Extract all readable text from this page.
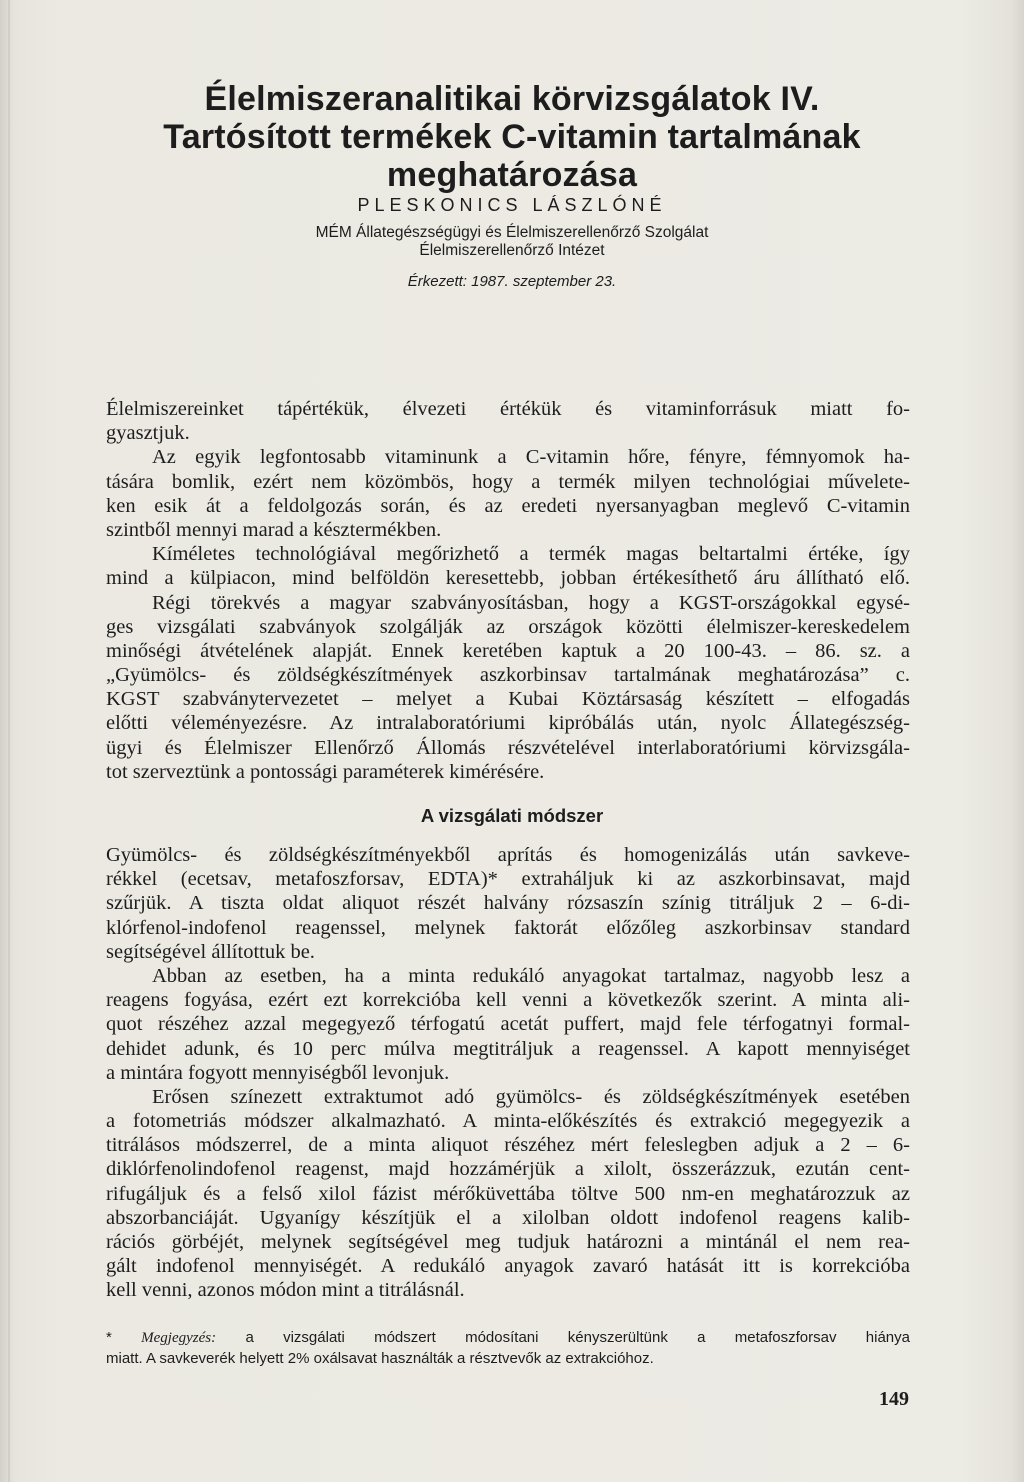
Élelmiszeranalitikai körvizsgálatok IV.
Tartósított termékek C-vitamin tartalmának
meghatározása
PLESKONICS LÁSZLÓNÉ
MÉM Állategészségügyi és Élelmiszerellenőrző Szolgálat
Élelmiszerellenőrző Intézet
Érkezett: 1987. szeptember 23.
Élelmiszereinket tápértékük, élvezeti értékük és vitaminforrásuk miatt fo-
gyasztjuk.
Az egyik legfontosabb vitaminunk a C-vitamin hőre, fényre, fémnyomok ha-
tására bomlik, ezért nem közömbös, hogy a termék milyen technológiai művelete-
ken esik át a feldolgozás során, és az eredeti nyersanyagban meglevő C-vitamin
szintből mennyi marad a késztermékben.
Kíméletes technológiával megőrizhető a termék magas beltartalmi értéke, így
mind a külpiacon, mind belföldön keresettebb, jobban értékesíthető áru állítható elő.
Régi törekvés a magyar szabványosításban, hogy a KGST-országokkal egysé-
ges vizsgálati szabványok szolgálják az országok közötti élelmiszer-kereskedelem
minőségi átvételének alapját. Ennek keretében kaptuk a 20 100-43. – 86. sz. a
„Gyümölcs- és zöldségkészítmények aszkorbinsav tartalmának meghatározása” c.
KGST szabványtervezetet – melyet a Kubai Köztársaság készített – elfogadás
előtti véleményezésre. Az intralaboratóriumi kipróbálás után, nyolc Állategészség-
ügyi és Élelmiszer Ellenőrző Állomás részvételével interlaboratóriumi körvizsgála-
tot szerveztünk a pontossági paraméterek kimérésére.
A vizsgálati módszer
Gyümölcs- és zöldségkészítményekből aprítás és homogenizálás után savkeve-
rékkel (ecetsav, metafoszforsav, EDTA)* extraháljuk ki az aszkorbinsavat, majd
szűrjük. A tiszta oldat aliquot részét halvány rózsaszín színig titráljuk 2 – 6-di-
klórfenol-indofenol reagenssel, melynek faktorát előzőleg aszkorbinsav standard
segítségével állítottuk be.
Abban az esetben, ha a minta redukáló anyagokat tartalmaz, nagyobb lesz a
reagens fogyása, ezért ezt korrekcióba kell venni a következők szerint. A minta ali-
quot részéhez azzal megegyező térfogatú acetát puffert, majd fele térfogatnyi formal-
dehidet adunk, és 10 perc múlva megtitráljuk a reagenssel. A kapott mennyiséget
a mintára fogyott mennyiségből levonjuk.
Erősen színezett extraktumot adó gyümölcs- és zöldségkészítmények esetében
a fotometriás módszer alkalmazható. A minta-előkészítés és extrakció megegyezik a
titrálásos módszerrel, de a minta aliquot részéhez mért feleslegben adjuk a 2 – 6-
diklórfenolindofenol reagenst, majd hozzámérjük a xilolt, összerázzuk, ezután cent-
rifugáljuk és a felső xilol fázist mérőküvettába töltve 500 nm-en meghatározzuk az
abszorbanciáját. Ugyanígy készítjük el a xilolban oldott indofenol reagens kalib-
rációs görbéjét, melynek segítségével meg tudjuk határozni a mintánál el nem rea-
gált indofenol mennyiségét. A redukáló anyagok zavaró hatását itt is korrekcióba
kell venni, azonos módon mint a titrálásnál.
* Megjegyzés: a vizsgálati módszert módosítani kényszerültünk a metafoszforsav hiánya
miatt. A savkeverék helyett 2% oxálsavat használták a résztvevők az extrakcióhoz.
149
